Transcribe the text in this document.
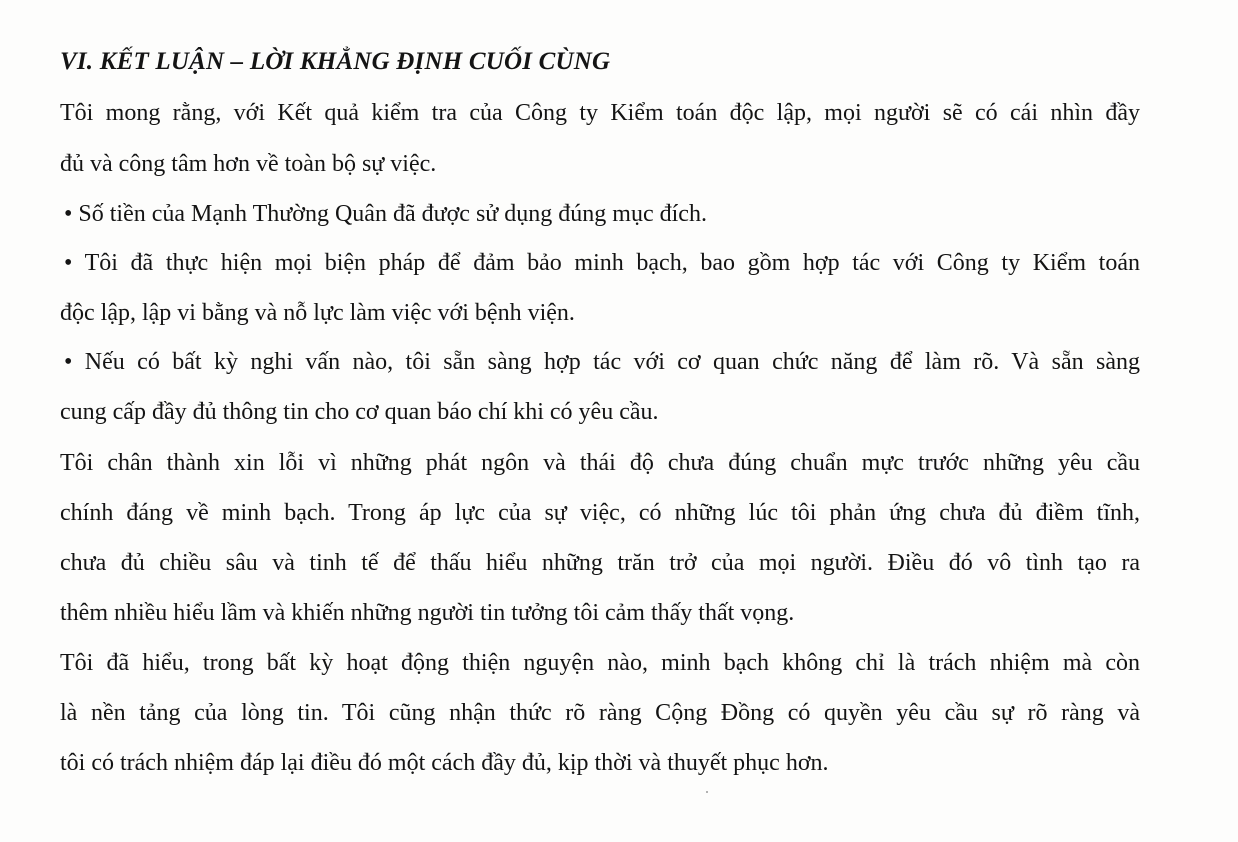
VI. KẾT LUẬN – LỜI KHẲNG ĐỊNH CUỐI CÙNG
Tôi mong rằng, với Kết quả kiểm tra của Công ty Kiểm toán độc lập, mọi người sẽ có cái nhìn đầy
đủ và công tâm hơn về toàn bộ sự việc.
• Số tiền của Mạnh Thường Quân đã được sử dụng đúng mục đích.
• Tôi đã thực hiện mọi biện pháp để đảm bảo minh bạch, bao gồm hợp tác với Công ty Kiểm toán
độc lập, lập vi bằng và nỗ lực làm việc với bệnh viện.
• Nếu có bất kỳ nghi vấn nào, tôi sẵn sàng hợp tác với cơ quan chức năng để làm rõ. Và sẵn sàng
cung cấp đầy đủ thông tin cho cơ quan báo chí khi có yêu cầu.
Tôi chân thành xin lỗi vì những phát ngôn và thái độ chưa đúng chuẩn mực trước những yêu cầu
chính đáng về minh bạch. Trong áp lực của sự việc, có những lúc tôi phản ứng chưa đủ điềm tĩnh,
chưa đủ chiều sâu và tinh tế để thấu hiểu những trăn trở của mọi người. Điều đó vô tình tạo ra
thêm nhiều hiểu lầm và khiến những người tin tưởng tôi cảm thấy thất vọng.
Tôi đã hiểu, trong bất kỳ hoạt động thiện nguyện nào, minh bạch không chỉ là trách nhiệm mà còn
là nền tảng của lòng tin. Tôi cũng nhận thức rõ ràng Cộng Đồng có quyền yêu cầu sự rõ ràng và
tôi có trách nhiệm đáp lại điều đó một cách đầy đủ, kịp thời và thuyết phục hơn.
